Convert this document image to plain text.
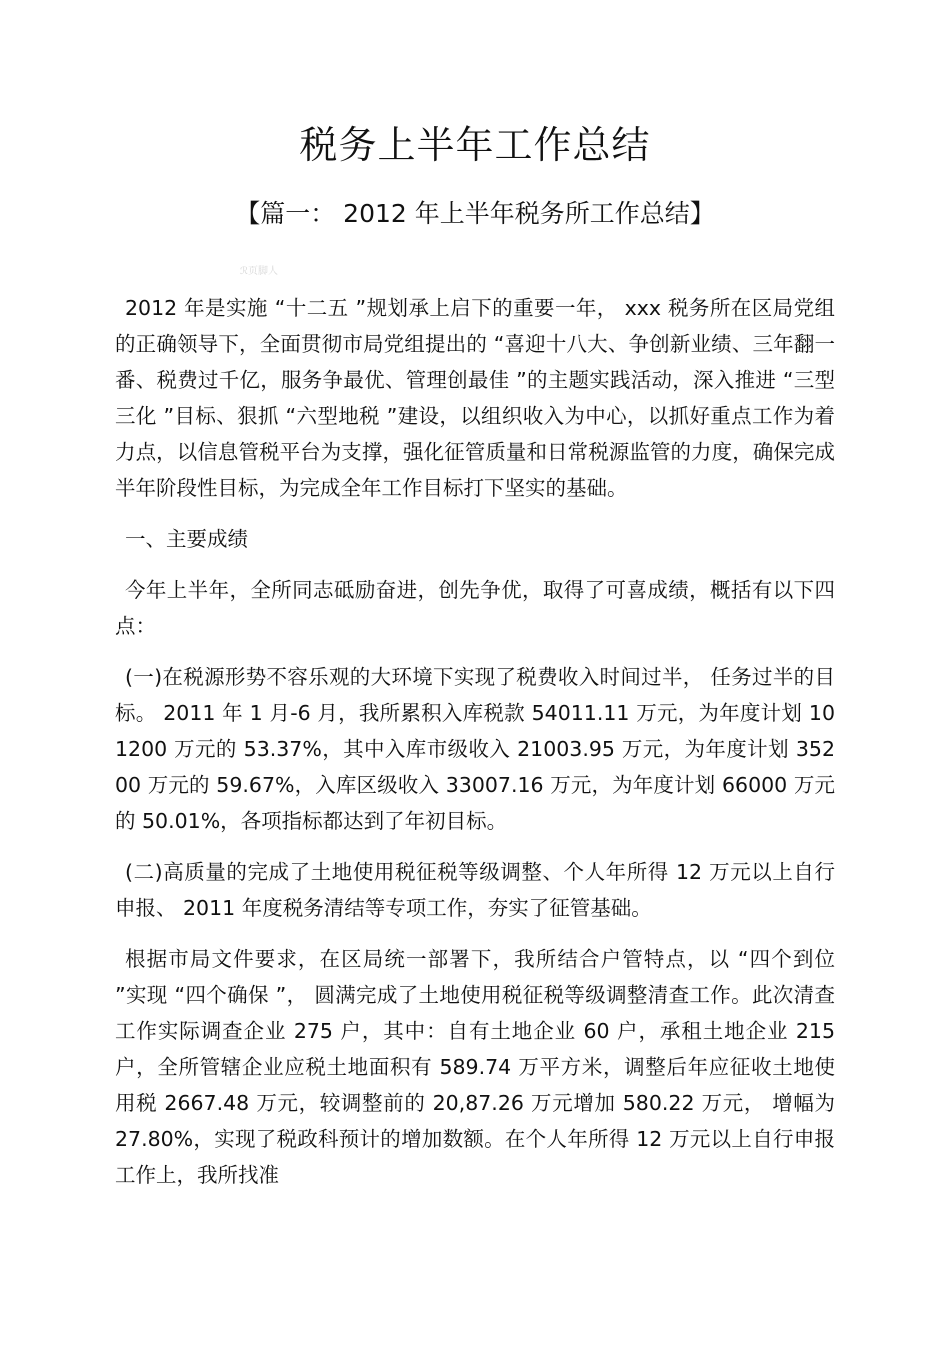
税务上半年工作总结
【篇一： 2012 年上半年税务所工作总结】
ℛ页脚人

2012 年是实施 “十二五 ”规划承上启下的重要一年， xxx 税务所在区局党组的正确领导下，全面贯彻市局党组提出的 “喜迎十八大、争创新业绩、三年翻一番、税费过千亿，服务争最优、管理创最佳 ”的主题实践活动，深入推进 “三型三化 ”目标、狠抓 “六型地税 ”建设，以组织收入为中心，以抓好重点工作为着力点，以信息管税平台为支撑，强化征管质量和日常税源监管的力度，确保完成半年阶段性目标，为完成全年工作目标打下坚实的基础。

一、主要成绩

今年上半年，全所同志砥励奋进，创先争优，取得了可喜成绩，概括有以下四点：

(一)在税源形势不容乐观的大环境下实现了税费收入时间过半， 任务过半的目标。 2011 年 1 月-6 月，我所累积入库税款 54011.11 万元，为年度计划 101200 万元的 53.37%，其中入库市级收入 21003.95 万元，为年度计划 35200 万元的 59.67%，入库区级收入 33007.16 万元，为年度计划 66000 万元的 50.01%，各项指标都达到了年初目标。

(二)高质量的完成了土地使用税征税等级调整、个人年所得 12 万元以上自行申报、 2011 年度税务清结等专项工作，夯实了征管基础。

根据市局文件要求，在区局统一部署下，我所结合户管特点，以 “四个到位 ”实现 “四个确保 ”， 圆满完成了土地使用税征税等级调整清查工作。此次清查工作实际调查企业 275 户，其中：自有土地企业 60 户，承租土地企业 215 户，全所管辖企业应税土地面积有 589.74 万平方米，调整后年应征收土地使用税 2667.48 万元，较调整前的 20,87.26 万元增加 580.22 万元， 增幅为 27.80%，实现了税政科预计的增加数额。在个人年所得 12 万元以上自行申报工作上，我所找准
